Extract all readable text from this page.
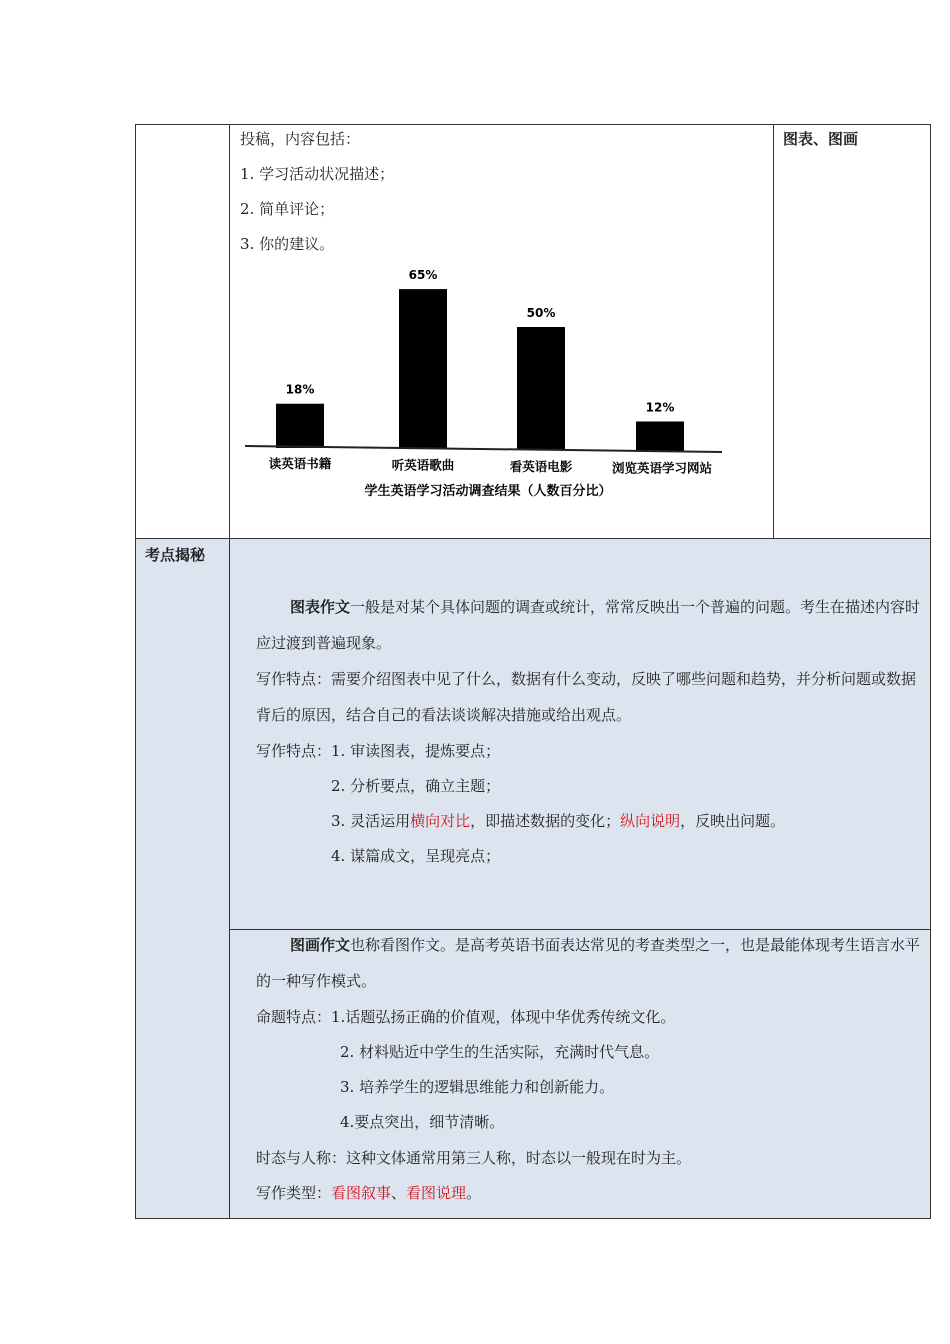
投稿，内容包括：
1. 学习活动状况描述；
2. 简单评论；
3. 你的建议。
图表、图画
18%
65%
50%
12%
读英语书籍	听英语歌曲	看英语电影	浏览英语学习网站
学生英语学习活动调查结果（人数百分比）
考点揭秘
图表作文一般是对某个具体问题的调查或统计，常常反映出一个普遍的问题。考生在描述内容时应过渡到普遍现象。
写作特点：需要介绍图表中见了什么，数据有什么变动，反映了哪些问题和趋势，并分析问题或数据背后的原因，结合自己的看法谈谈解决措施或给出观点。
写作特点：1. 审读图表，提炼要点；
2. 分析要点，确立主题；
3. 灵活运用横向对比，即描述数据的变化；纵向说明，反映出问题。
4. 谋篇成文，呈现亮点；
图画作文也称看图作文。是高考英语书面表达常见的考查类型之一，也是最能体现考生语言水平的一种写作模式。
命题特点：1.话题弘扬正确的价值观，体现中华优秀传统文化。
2. 材料贴近中学生的生活实际，充满时代气息。
3. 培养学生的逻辑思维能力和创新能力。
4.要点突出，细节清晰。
时态与人称：这种文体通常用第三人称，时态以一般现在时为主。
写作类型：看图叙事、看图说理。
